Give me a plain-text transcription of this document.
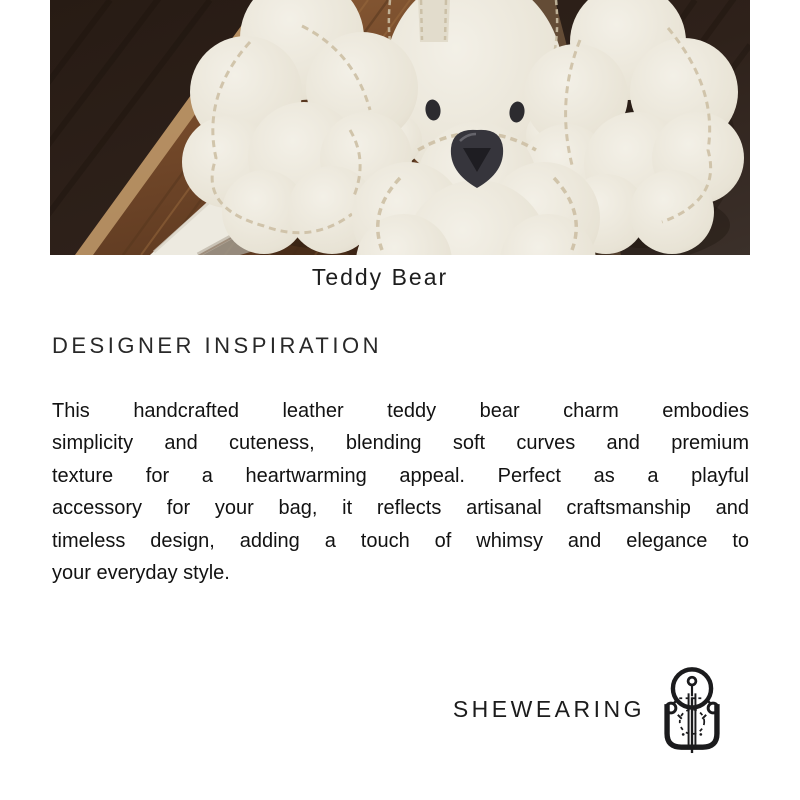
Teddy Bear
DESIGNER INSPIRATION
This handcrafted leather teddy bear charm embodies
simplicity and cuteness, blending soft curves and premium
texture for a heartwarming appeal. Perfect as a playful
accessory for your bag, it reflects artisanal craftsmanship and
timeless design, adding a touch of whimsy and elegance to
your everyday style.
SHEWEARING
